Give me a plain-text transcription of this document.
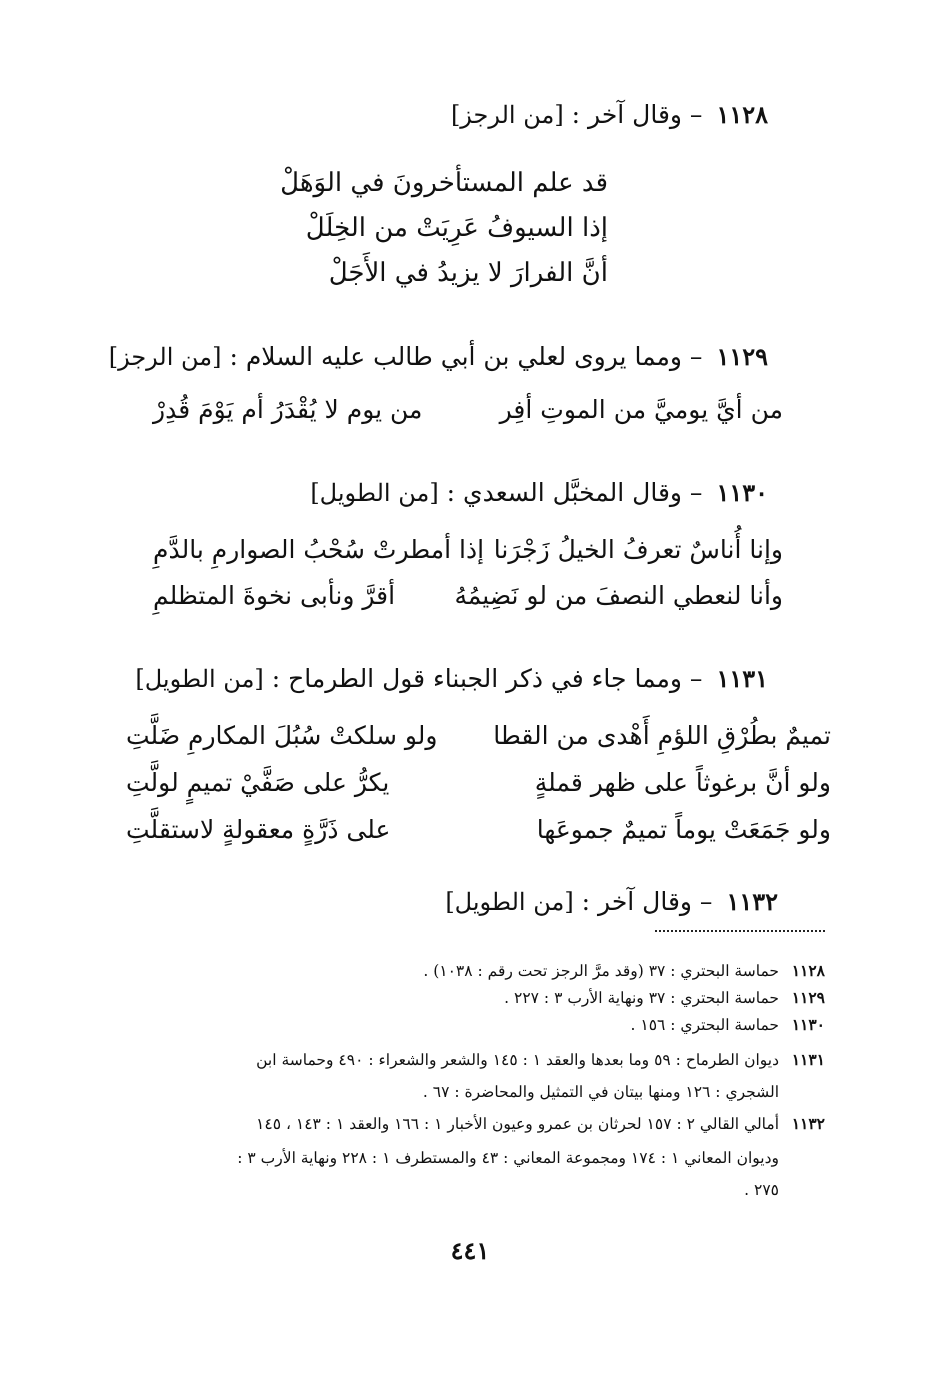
١١٢٨– وقال آخر : [من الرجز]
قد علم المستأخرونَ في الوَهَلْ
إذا السيوفُ عَرِيَتْ من الخِلَلْ
أنَّ الفرارَ لا يزيدُ في الأَجَلْ
١١٢٩– ومما يروى لعلي بن أبي طالب عليه السلام : [من الرجز]
من أيَّ يوميَّ من الموتِ أفِر
من يوم لا يُقْدَرُ أم يَوْمَ قُدِرْ
١١٣٠– وقال المخبَّل السعدي : [من الطويل]
وإنا أُناسٌ تعرفُ الخيلُ زَجْرَنا
إذا أمطرتْ سُحْبُ الصوارمِ بالدَّمِ
وأنا لنعطي النصفَ من لو نَضِيمُهُ
أقرَّ ونأبى نخوةَ المتظلمِ
١١٣١– ومما جاء في ذكر الجبناء قول الطرماح : [من الطويل]
تميمٌ بطُرْقِ اللؤمِ أَهْدى من القطا
ولو سلكتْ سُبُلَ المكارمِ ضَلَّتِ
ولو أنَّ برغوثاً على ظهر قملةٍ
يكرُّ على صَفَّيْ تميمٍ لولَّتِ
ولو جَمَعَتْ يوماً تميمٌ جموعَها
على ذَرَّةٍ معقولةٍ لاستقلَّتِ
١١٣٢– وقال آخر : [من الطويل]
١١٢٨حماسة البحتري : ٣٧ (وقد مرَّ الرجز تحت رقم : ١٠٣٨) .
١١٢٩حماسة البحتري : ٣٧ ونهاية الأرب ٣ : ٢٢٧ .
١١٣٠حماسة البحتري : ١٥٦ .
١١٣١ديوان الطرماح : ٥٩ وما بعدها والعقد ١ : ١٤٥ والشعر والشعراء : ٤٩٠ وحماسة ابن
الشجري : ١٢٦ ومنها بيتان في التمثيل والمحاضرة : ٦٧ .
١١٣٢أمالي القالي ٢ : ١٥٧ لحرثان بن عمرو وعيون الأخبار ١ : ١٦٦ والعقد ١ : ١٤٣ ، ١٤٥
وديوان المعاني ١ : ١٧٤ ومجموعة المعاني : ٤٣ والمستطرف ١ : ٢٢٨ ونهاية الأرب ٣ :
٢٧٥ .
٤٤١
